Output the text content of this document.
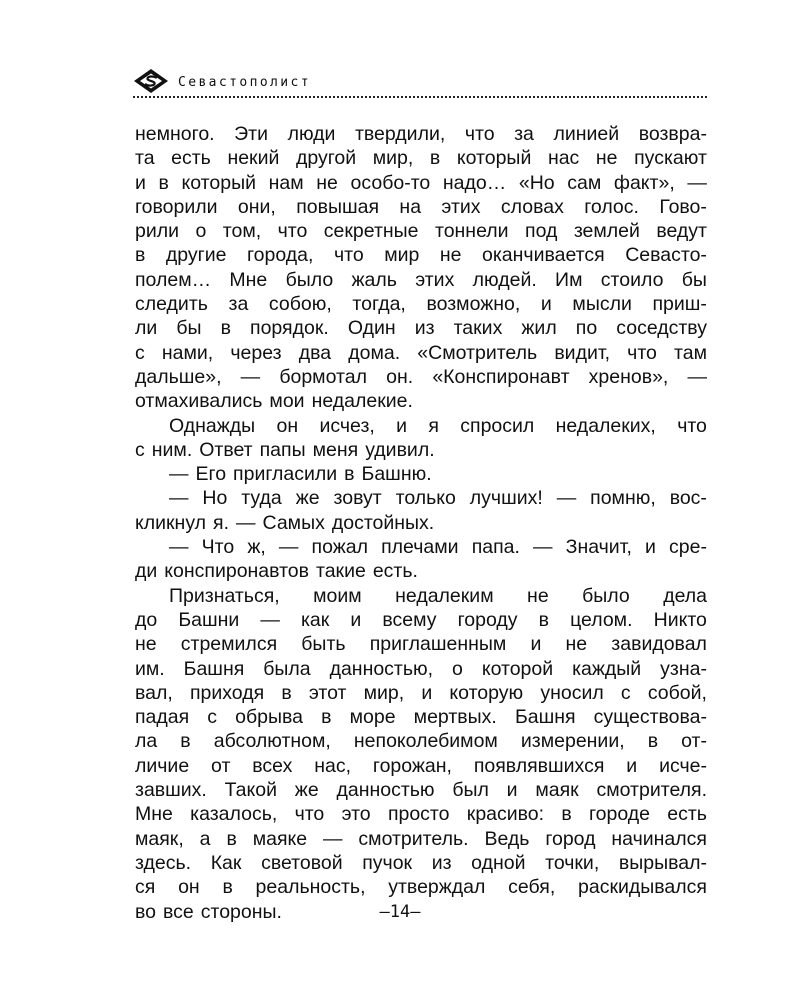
Севастополист
немного. Эти люди твердили, что за линией возвра-
та есть некий другой мир, в который нас не пускают
и в который нам не особо-то надо… «Но сам факт», —
говорили они, повышая на этих словах голос. Гово-
рили о том, что секретные тоннели под землей ведут
в другие города, что мир не оканчивается Севасто-
полем… Мне было жаль этих людей. Им стоило бы
следить за собою, тогда, возможно, и мысли приш-
ли бы в порядок. Один из таких жил по соседству
с нами, через два дома. «Смотритель видит, что там
дальше», — бормотал он. «Конспиронавт хренов», —
отмахивались мои недалекие.
Однажды он исчез, и я спросил недалеких, что
с ним. Ответ папы меня удивил.
— Его пригласили в Башню.
— Но туда же зовут только лучших! — помню, вос-
кликнул я. — Самых достойных.
— Что ж, — пожал плечами папа. — Значит, и сре-
ди конспиронавтов такие есть.
Признаться, моим недалеким не было дела
до Башни — как и всему городу в целом. Никто
не стремился быть приглашенным и не завидовал
им. Башня была данностью, о которой каждый узна-
вал, приходя в этот мир, и которую уносил с собой,
падая с обрыва в море мертвых. Башня существова-
ла в абсолютном, непоколебимом измерении, в от-
личие от всех нас, горожан, появлявшихся и исче-
завших. Такой же данностью был и маяк смотрителя.
Мне казалось, что это просто красиво: в городе есть
маяк, а в маяке — смотритель. Ведь город начинался
здесь. Как световой пучок из одной точки, вырывал-
ся он в реальность, утверждал себя, раскидывался
во все стороны.	–14–
